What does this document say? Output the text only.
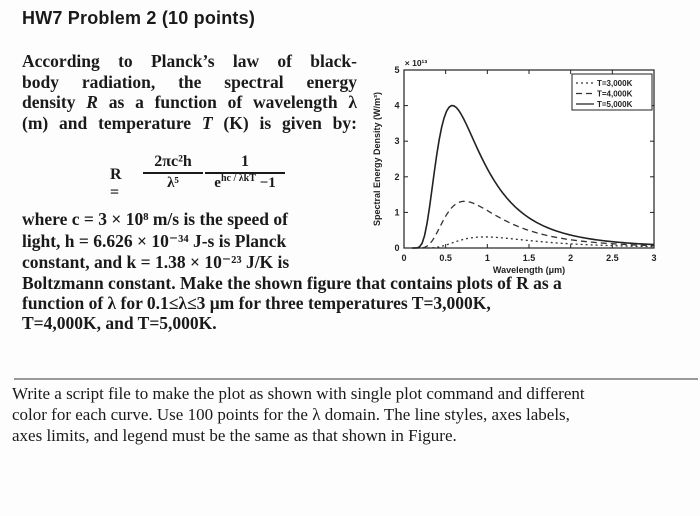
HW7 Problem 2 (10 points)
According to Planck’s law of black-
body radiation, the spectral energy
density R as a function of wavelength λ
(m) and temperature T (K) is given by:
R =
2πc²h
λ⁵
1
$e^{hc / \lambda kT} -1$
where c = 3 × 10⁸ m/s is the speed of
light, h = 6.626 × 10⁻³⁴ J-s is Planck
constant, and k = 1.38 × 10⁻²³ J/K is
Boltzmann constant. Make the shown figure that contains plots of R as a
function of λ for 0.1≤λ≤3 μm for three temperatures T=3,000K,
T=4,000K, and T=5,000K.
Write a script file to make the plot as shown with single plot command and different
color for each curve. Use 100 points for the λ domain. The line styles, axes labels,
axes limits, and legend must be the same as that shown in Figure.
0	0.5	1	1.5	2	2.5	3
0
1
2
3
4
5
× 10¹³
Wavelength (μm)
Spectral Energy Density (W/m³)
T=3,000K
T=4,000K
T=5,000K
